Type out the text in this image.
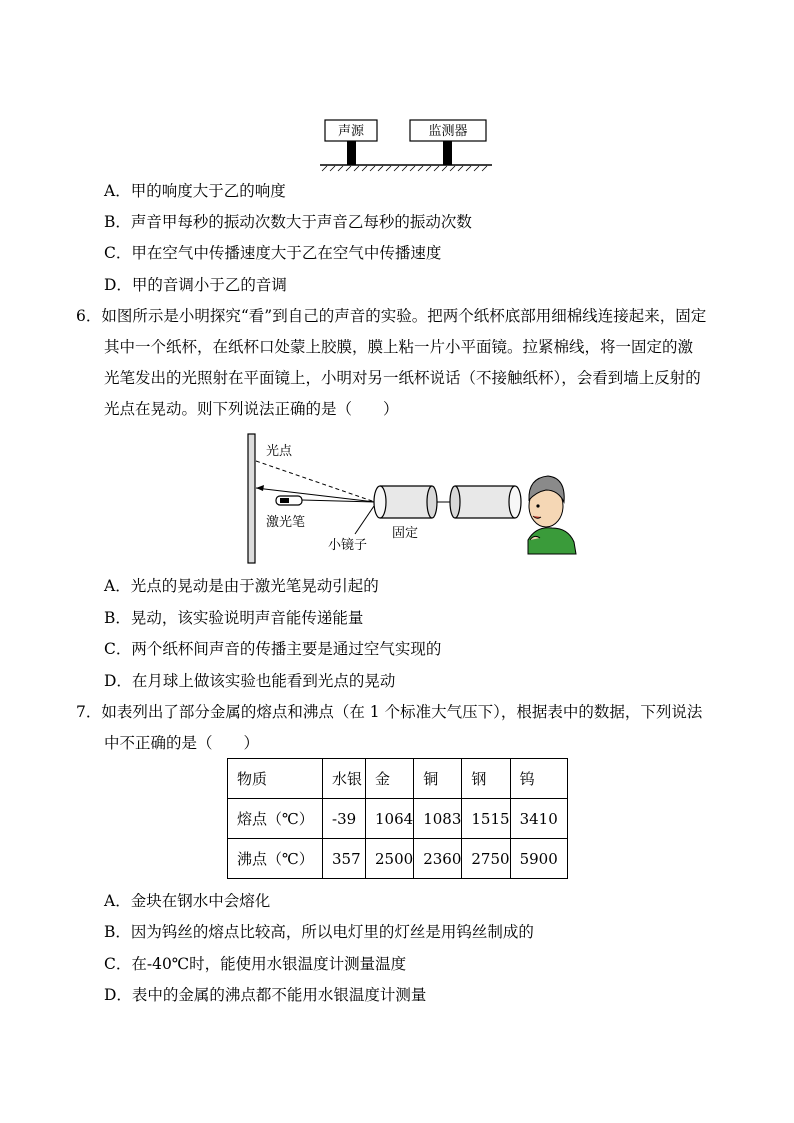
声源	监测器
A．甲的响度大于乙的响度
B．声音甲每秒的振动次数大于声音乙每秒的振动次数
C．甲在空气中传播速度大于乙在空气中传播速度
D．甲的音调小于乙的音调
6．如图所示是小明探究“看”到自己的声音的实验。把两个纸杯底部用细棉线连接起来，固定
其中一个纸杯，在纸杯口处蒙上胶膜，膜上粘一片小平面镜。拉紧棉线，将一固定的激
光笔发出的光照射在平面镜上，小明对另一纸杯说话（不接触纸杯），会看到墙上反射的
光点在晃动。则下列说法正确的是（　　）
光点
激光笔
小镜子
固定
A．光点的晃动是由于激光笔晃动引起的
B．晃动，该实验说明声音能传递能量
C．两个纸杯间声音的传播主要是通过空气实现的
D．在月球上做该实验也能看到光点的晃动
7．如表列出了部分金属的熔点和沸点（在 1 个标准大气压下），根据表中的数据，下列说法
中不正确的是（　　）
物质	水银	金	铜	钢	钨
熔点（℃）	-39	1064	1083	1515	3410
沸点（℃）	357	2500	2360	2750	5900
A．金块在钢水中会熔化
B．因为钨丝的熔点比较高，所以电灯里的灯丝是用钨丝制成的
C．在-40℃时，能使用水银温度计测量温度
D．表中的金属的沸点都不能用水银温度计测量
